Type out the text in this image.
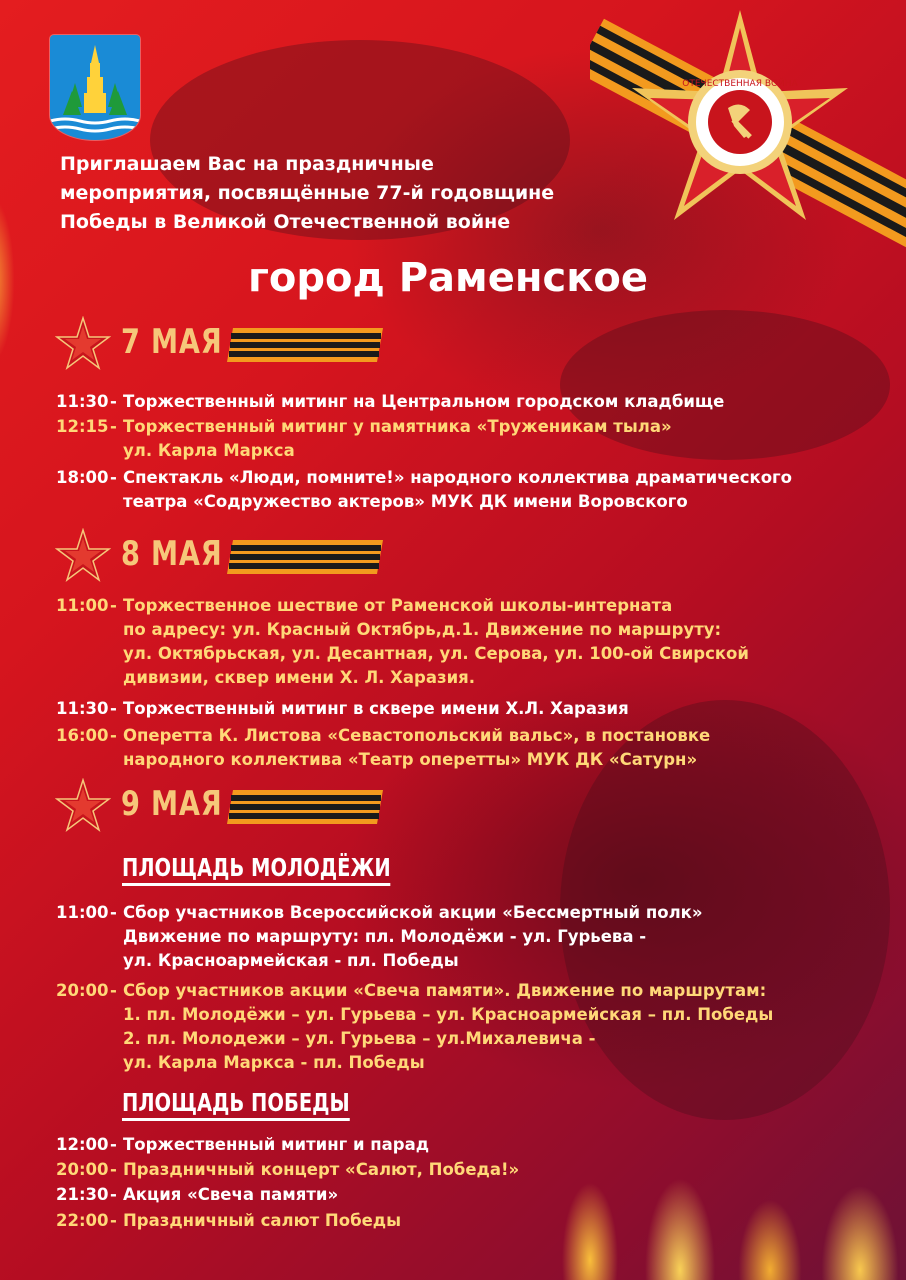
ОТЕЧЕСТВЕННАЯ ВОЙНА
Приглашаем Вас на праздничные
мероприятия, посвящённые 77-й годовщине
Победы в Великой Отечественной войне
город Раменское
7 МАЯ
11:30 - Торжественный митинг на Центральном городском кладбище
12:15 - Торжественный митинг у памятника «Труженикам тыла»
ул. Карла Маркса
18:00 - Спектакль «Люди, помните!» народного коллектива драматического
театра «Содружество актеров» МУК ДК имени Воровского
8 МАЯ
11:00 - Торжественное шествие от Раменской школы-интерната
по адресу: ул. Красный Октябрь,д.1. Движение по маршруту:
ул. Октябрьская, ул. Десантная, ул. Серова, ул. 100-ой Свирской
дивизии, сквер имени Х. Л. Харазия.
11:30 - Торжественный митинг в сквере имени Х.Л. Харазия
16:00 - Оперетта К. Листова «Севастопольский вальс», в постановке
народного коллектива «Театр оперетты» МУК ДК «Сатурн»
9 МАЯ
ПЛОЩАДЬ МОЛОДЁЖИ
11:00 - Сбор участников Всероссийской акции «Бессмертный полк»
Движение по маршруту: пл. Молодёжи - ул. Гурьева -
ул. Красноармейская - пл. Победы
20:00 - Сбор участников акции «Свеча памяти». Движение по маршрутам:
1. пл. Молодёжи – ул. Гурьева – ул. Красноармейская – пл. Победы
2. пл. Молодежи – ул. Гурьева – ул.Михалевича -
ул. Карла Маркса - пл. Победы
ПЛОЩАДЬ ПОБЕДЫ
12:00 - Торжественный митинг и парад
20:00 - Праздничный концерт «Салют, Победа!»
21:30 - Акция «Свеча памяти»
22:00 - Праздничный салют Победы
